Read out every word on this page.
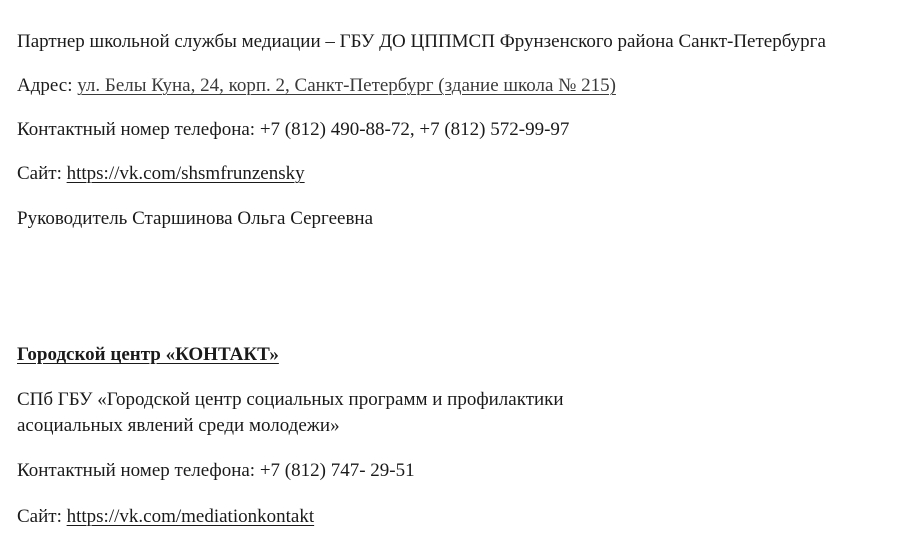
Партнер школьной службы медиации – ГБУ ДО ЦППМСП Фрунзенского района Санкт-Петербурга
Адрес: ул. Белы Куна, 24, корп. 2, Санкт-Петербург (здание школа № 215)
Контактный номер телефона: +7 (812) 490-88-72, +7 (812) 572-99-97
Сайт: https://vk.com/shsmfrunzensky
Руководитель Старшинова Ольга Сергеевна
Городской центр «КОНТАКТ»
СПб ГБУ «Городской центр социальных программ и профилактики
асоциальных явлений среди молодежи»
Контактный номер телефона: +7 (812) 747- 29-51
Сайт: https://vk.com/mediationkontakt
